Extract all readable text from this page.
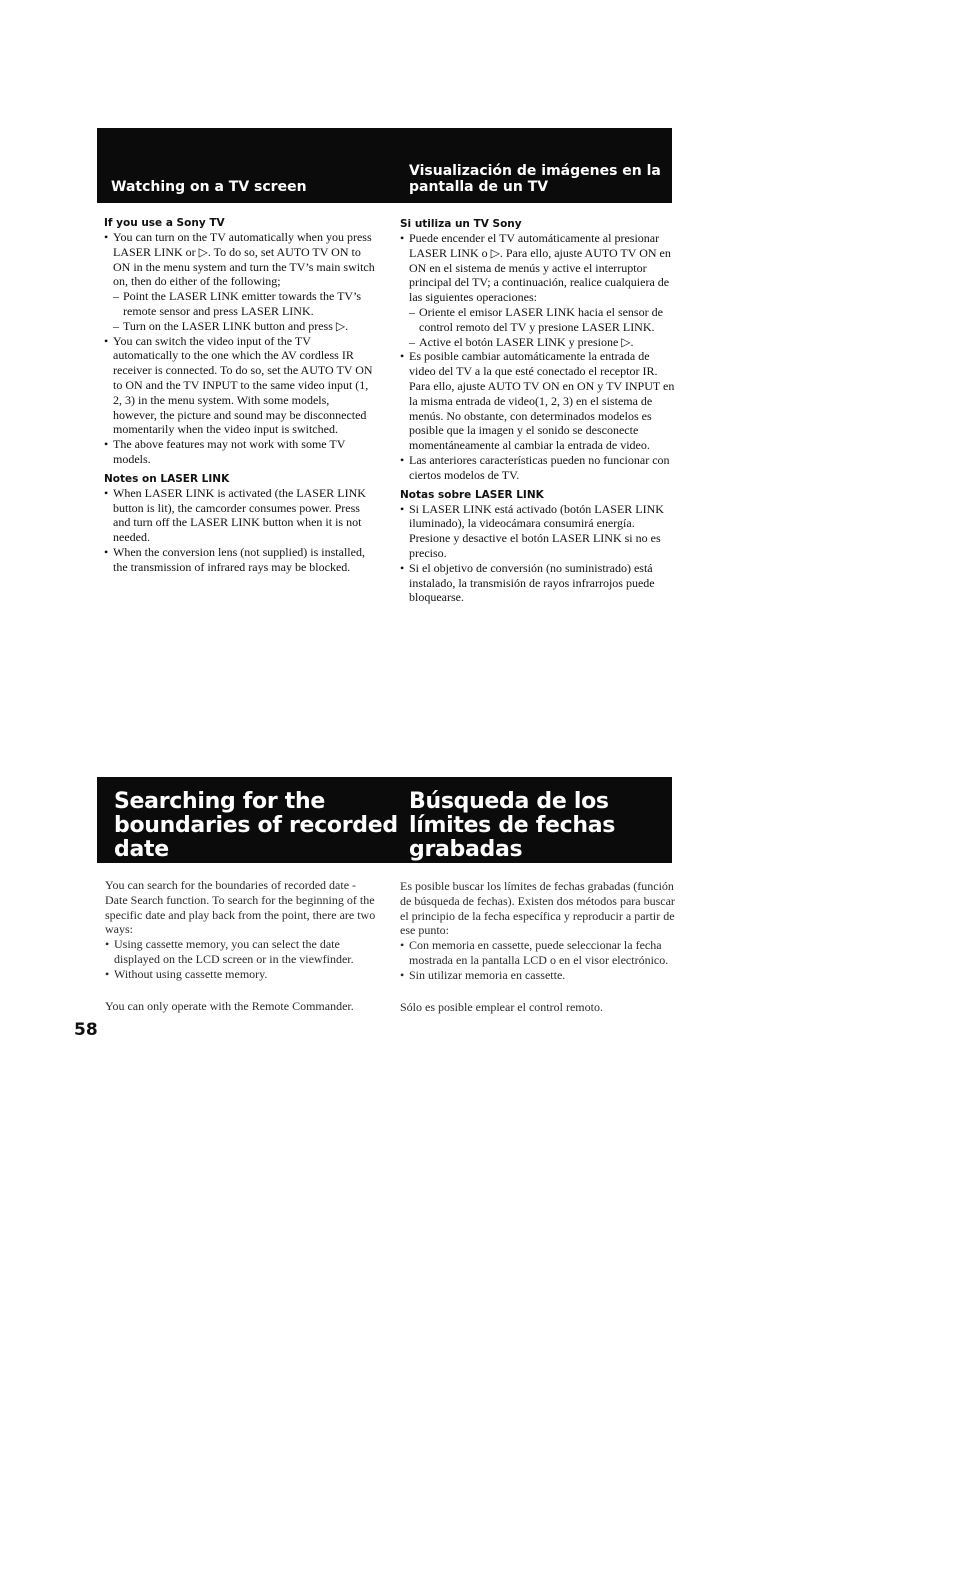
Watching on a TV screen
Visualización de imágenes en la
pantalla de un TV

If you use a Sony TV

• You can turn on the TV automatically when you press LASER LINK or ▷. To do so, set AUTO TV ON to ON in the menu system and turn the TV’s main switch on, then do either of the following;
– Point the LASER LINK emitter towards the TV’s remote sensor and press LASER LINK.
– Turn on the LASER LINK button and press ▷.
• You can switch the video input of the TV automatically to the one which the AV cordless IR receiver is connected. To do so, set the AUTO TV ON to ON and the TV INPUT to the same video input (1, 2, 3) in the menu system. With some models, however, the picture and sound may be disconnected momentarily when the video input is switched.
• The above features may not work with some TV models.

Notes on LASER LINK

• When LASER LINK is activated (the LASER LINK button is lit), the camcorder consumes power. Press and turn off the LASER LINK button when it is not needed.
• When the conversion lens (not supplied) is installed, the transmission of infrared rays may be blocked.

Si utiliza un TV Sony

• Puede encender el TV automáticamente al presionar LASER LINK o ▷. Para ello, ajuste AUTO TV ON en ON en el sistema de menús y active el interruptor principal del TV; a continuación, realice cualquiera de las siguientes operaciones:
– Oriente el emisor LASER LINK hacia el sensor de control remoto del TV y presione LASER LINK.
– Active el botón LASER LINK y presione ▷.
• Es posible cambiar automáticamente la entrada de video del TV a la que esté conectado el receptor IR. Para ello, ajuste AUTO TV ON en ON y TV INPUT en la misma entrada de video(1, 2, 3) en el sistema de menús. No obstante, con determinados modelos es posible que la imagen y el sonido se desconecte momentáneamente al cambiar la entrada de video.
• Las anteriores características pueden no funcionar con ciertos modelos de TV.

Notas sobre LASER LINK

• Si LASER LINK está activado (botón LASER LINK iluminado), la videocámara consumirá energía. Presione y desactive el botón LASER LINK si no es preciso.
• Si el objetivo de conversión (no suministrado) está instalado, la transmisión de rayos infrarrojos puede bloquearse.
Searching for the
boundaries of recorded
date
Búsqueda de los
límites de fechas
grabadas

You can search for the boundaries of recorded date - Date Search function. To search for the beginning of the specific date and play back from the point, there are two ways:

• Using cassette memory, you can select the date displayed on the LCD screen or in the viewfinder.
• Without using cassette memory.

You can only operate with the Remote Commander.

Es posible buscar los límites de fechas grabadas (función de búsqueda de fechas). Existen dos métodos para buscar el principio de la fecha específica y reproducir a partir de ese punto:

• Con memoria en cassette, puede seleccionar la fecha mostrada en la pantalla LCD o en el visor electrónico.
• Sin utilizar memoria en cassette.

Sólo es posible emplear el control remoto.

58
